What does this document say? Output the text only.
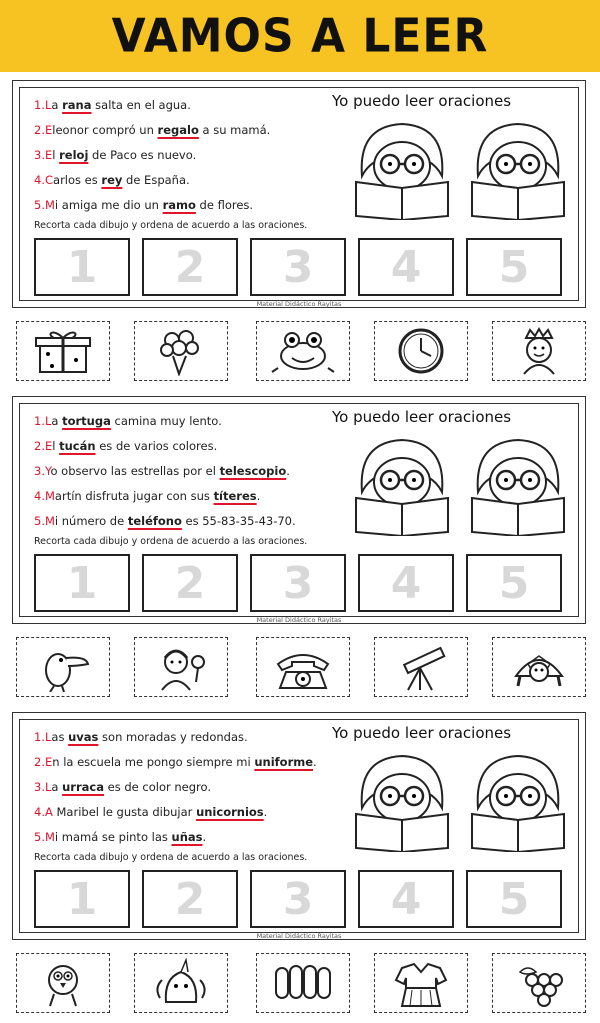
VAMOS A LEER
Yo puedo leer oraciones
1.La rana salta en el agua.
2.Eleonor compró un regalo a su mamá.
3.El reloj de Paco es nuevo.
4.Carlos es rey de España.
5.Mi amiga me dio un ramo de flores.
Recorta cada dibujo y ordena de acuerdo a las oraciones.
1 2 3 4 5
Material Didáctico Rayitas
Yo puedo leer oraciones
1.La tortuga camina muy lento.
2.El tucán es de varios colores.
3.Yo observo las estrellas por el telescopio.
4.Martín disfruta jugar con sus títeres.
5.Mi número de teléfono es 55-83-35-43-70.
Recorta cada dibujo y ordena de acuerdo a las oraciones.
1 2 3 4 5
Material Didáctico Rayitas
Yo puedo leer oraciones
1.Las uvas son moradas y redondas.
2.En la escuela me pongo siempre mi uniforme.
3.La urraca es de color negro.
4.A Maribel le gusta dibujar unicornios.
5.Mi mamá se pinto las uñas.
Recorta cada dibujo y ordena de acuerdo a las oraciones.
1 2 3 4 5
Material Didáctico Rayitas
